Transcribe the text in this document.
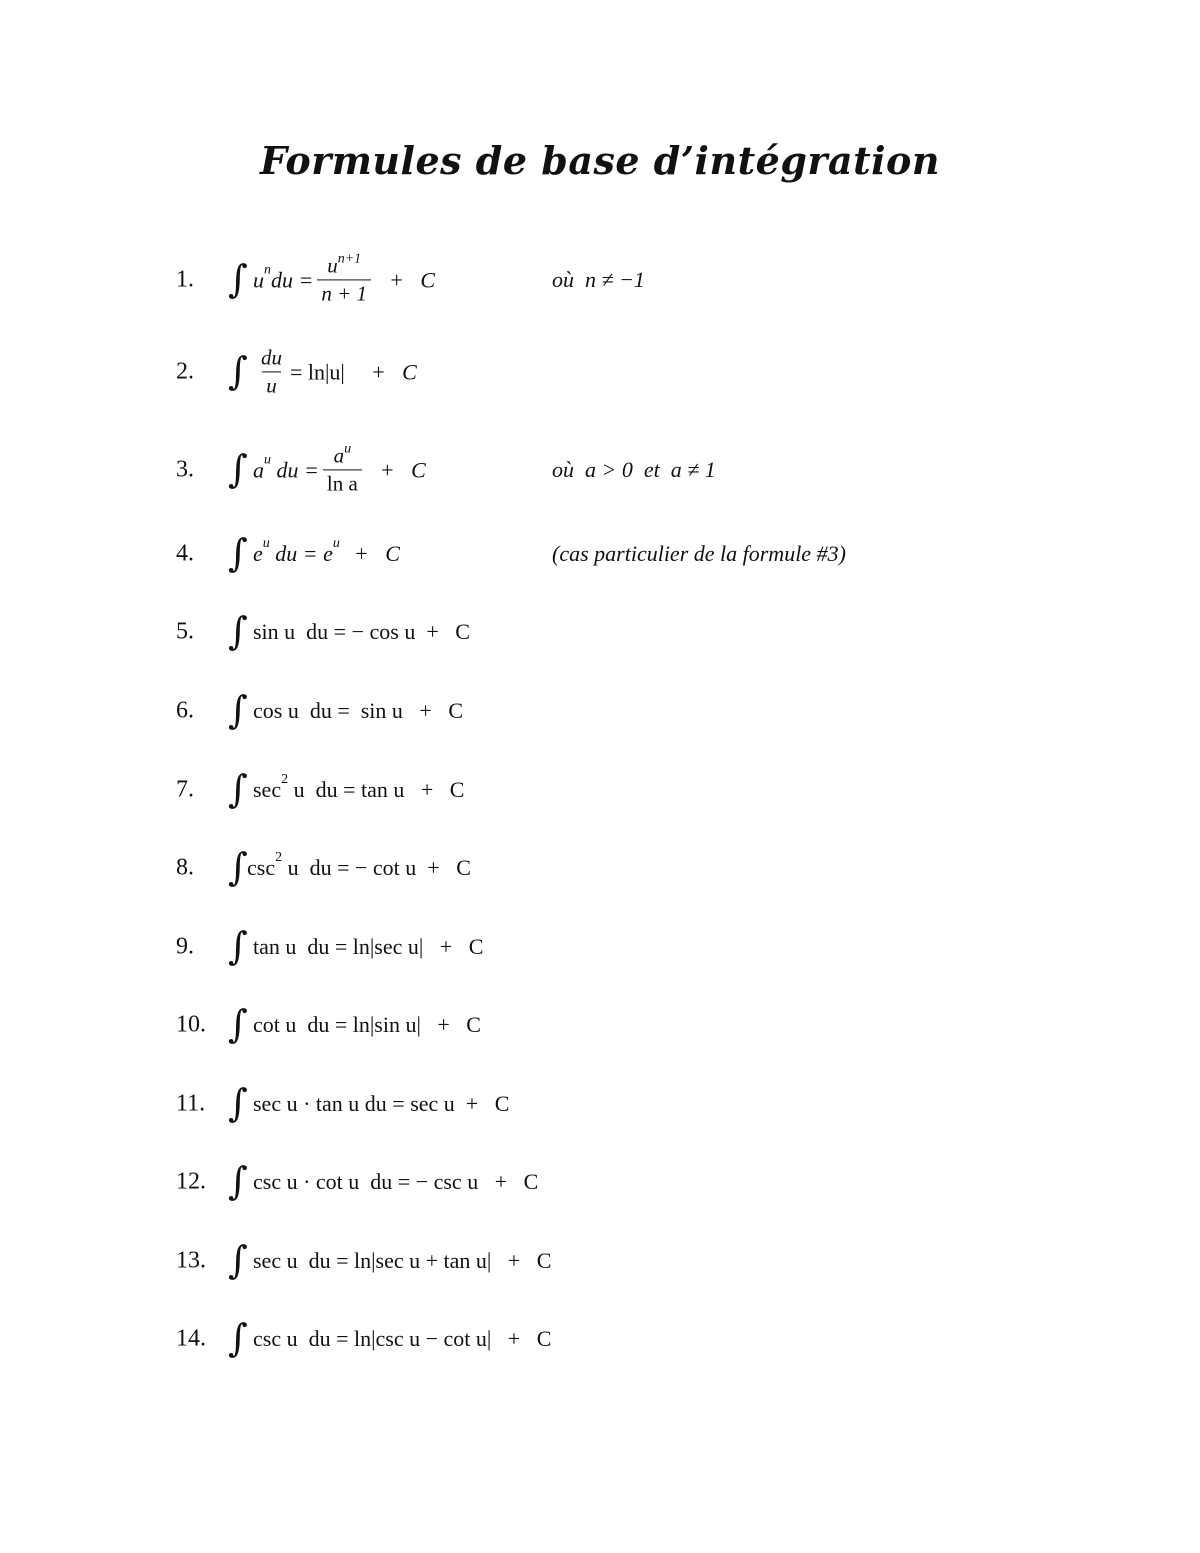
Formules de base d’intégration
1. ∫ u $^n$ du = $\frac{u^{n+1}}{n + 1} + C$	où  n ≠ −1
2. ∫ $\frac{du}{u} = \ln|u| + C$
3. ∫ a $^u$ du = $\frac{a^u}{\text{ln a}} + C$	où  a > 0  et  a ≠ 1
4. ∫ e $^u$ du = e $^u$ +   C	(cas particulier de la formule #3)
5. ∫ sin u  du = − cos u  +   C
6. ∫ cos u  du =  sin u   +   C
7. ∫ $\sec^2 u$  du = tan u   +   C
8. ∫ $\csc^2 u$  du = − cot u  +   C
9. ∫ tan u  du = ln|sec u|   +   C
10. ∫ cot u  du = ln|sin u|   +   C
11. ∫ sec u · tan u du = sec u  +   C
12. ∫ csc u · cot u  du = − csc u   +   C
13. ∫ sec u  du = ln|sec u + tan u|   +   C
14. ∫ csc u  du = ln|csc u − cot u|   +   C
